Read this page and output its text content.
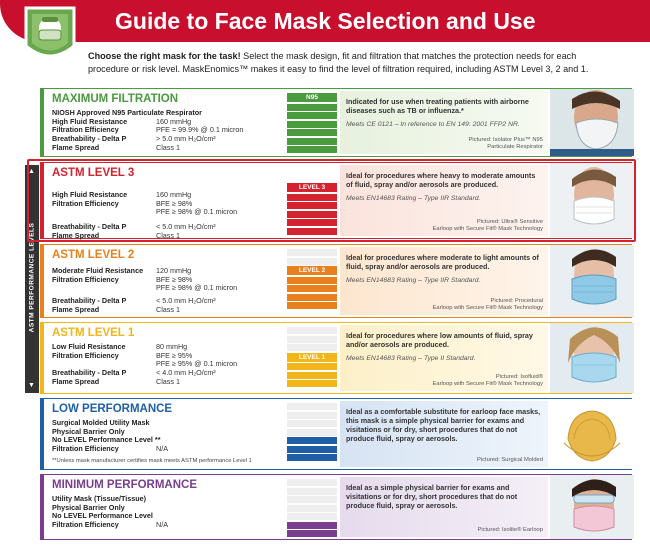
Guide to Face Mask Selection and Use
Choose the right mask for the task! Select the mask design, fit and filtration that matches the protection needs for each
procedure or risk level. MaskEnomics™ makes it easy to find the level of filtration required, including ASTM Level 3, 2 and 1.
MAXIMUM FILTRATION
NIOSH Approved N95 Particulate Respirator
High Fluid Resistance	160 mmHg
Filtration Efficiency	PFE = 99.9% @ 0.1 micron
Breathability - Delta P	> 5.0 mm H₂O/cm²
Flame Spread	Class 1
N95	Indicated for use when treating patients with airborne diseases such as TB or influenza.*
Meets CE 0121 – In reference to EN 149: 2001 FFP2 NR.
Pictured: Isolator Plus™ N95
Particulate Respirator
ASTM LEVEL 3
High Fluid Resistance	160 mmHg
Filtration Efficiency	BFE ≥ 98%
PFE ≥ 98% @ 0.1 micron
Breathability - Delta P	< 5.0 mm H₂O/cm²
Flame Spread	Class 1
LEVEL 3
Ideal for procedures where heavy to moderate amounts of fluid, spray and/or aerosols are produced.
Meets EN14683 Rating – Type IIR Standard.
Pictured: Ultra® Sensitive
Earloop with Secure Fit® Mask Technology
ASTM LEVEL 2
Moderate Fluid Resistance	120 mmHg
Filtration Efficiency	BFE ≥ 98%
PFE ≥ 98% @ 0.1 micron
Breathability - Delta P	< 5.0 mm H₂O/cm²
Flame Spread	Class 1
LEVEL 2
Ideal for procedures where moderate to light amounts of fluid, spray and/or aerosols are produced.
Meets EN14683 Rating – Type IIR Standard.
Pictured: Procedural
Earloop with Secure Fit® Mask Technology
ASTM LEVEL 1
Low Fluid Resistance	80 mmHg
Filtration Efficiency	BFE ≥ 95%
PFE ≥ 95% @ 0.1 micron
Breathability - Delta P	< 4.0 mm H₂O/cm²
Flame Spread	Class 1
LEVEL 1
Ideal for procedures where low amounts of fluid, spray and/or aerosols are produced.
Meets EN14683 Rating – Type II Standard.
Pictured: Isofluid®
Earloop with Secure Fit® Mask Technology
LOW PERFORMANCE
Surgical Molded Utility Mask
Physical Barrier Only
No LEVEL Performance Level **
Filtration Efficiency	N/A
**Unless mask manufacturer certifies mask meets ASTM performance Level 1
Ideal as a comfortable substitute for earloop face masks, this mask is a simple physical barrier for exams and visitations or for dry, short procedures that do not produce fluid, spray or aerosols.
Pictured: Surgical Molded
MINIMUM PERFORMANCE
Utility Mask (Tissue/Tissue)
Physical Barrier Only
No LEVEL Performance Level
Filtration Efficiency	N/A
Ideal as a simple physical barrier for exams and visitations or for dry, short procedures that do not produce fluid, spray or aerosols.
Pictured: Isolite® Earloop
ASTM PERFORMANCE LEVELS
▲
▼
